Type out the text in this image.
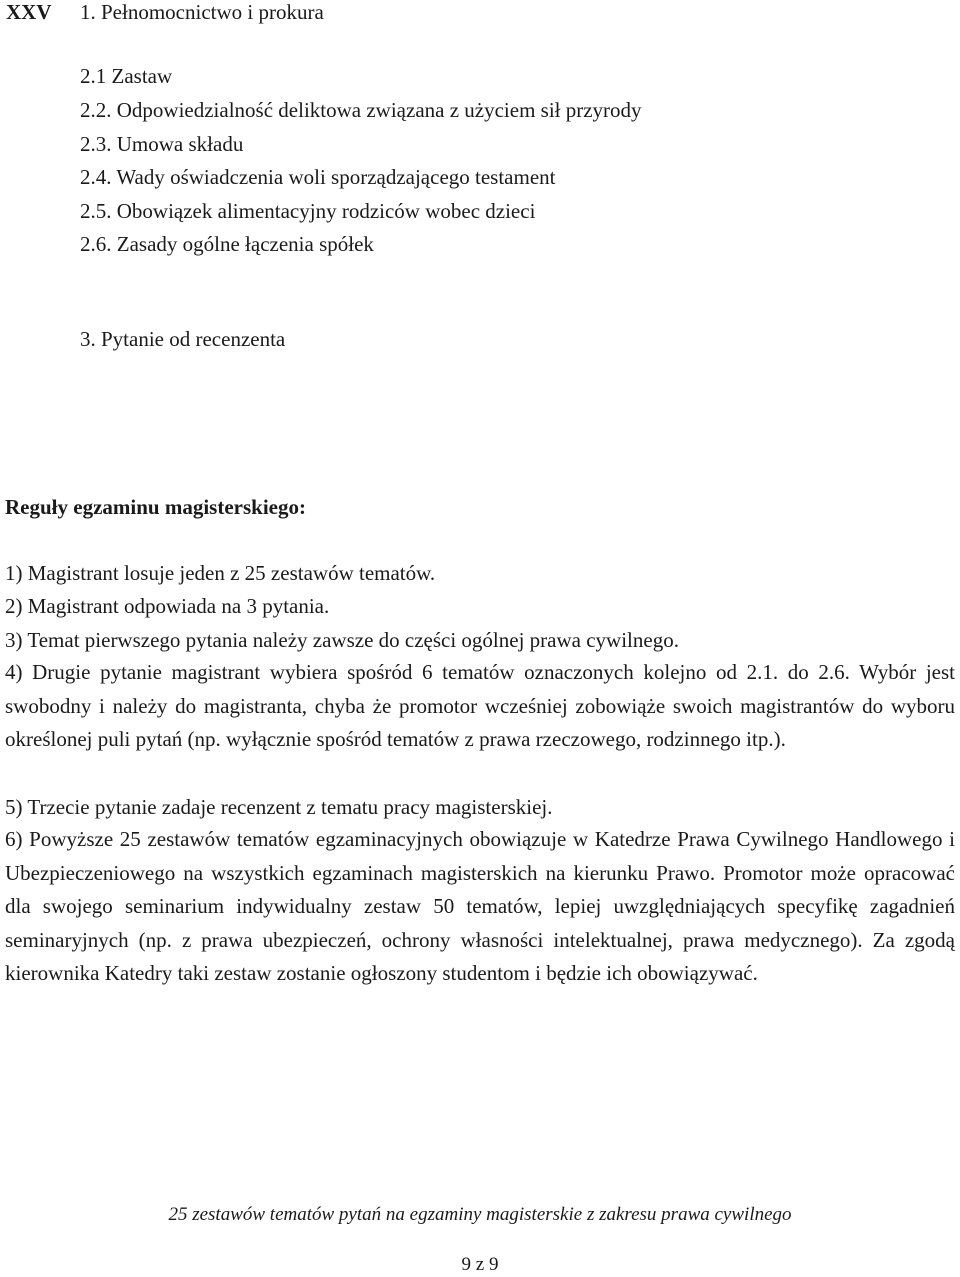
XXV 1. Pełnomocnictwo i prokura
2.1 Zastaw
2.2. Odpowiedzialność deliktowa związana z użyciem sił przyrody
2.3. Umowa składu
2.4. Wady oświadczenia woli sporządzającego testament
2.5. Obowiązek alimentacyjny rodziców wobec dzieci
2.6. Zasady ogólne łączenia spółek
3. Pytanie od recenzenta
Reguły egzaminu magisterskiego:
1) Magistrant losuje jeden z 25 zestawów tematów.
2) Magistrant odpowiada na 3 pytania.
3) Temat pierwszego pytania należy zawsze do części ogólnej prawa cywilnego.
4) Drugie pytanie magistrant wybiera spośród 6 tematów oznaczonych kolejno od 2.1. do 2.6. Wybór jest swobodny i należy do magistranta, chyba że promotor wcześniej zobowiąże swoich magistrantów do wyboru określonej puli pytań (np. wyłącznie spośród tematów z prawa rzeczowego, rodzinnego itp.).
5) Trzecie pytanie zadaje recenzent z tematu pracy magisterskiej.
6) Powyższe 25 zestawów tematów egzaminacyjnych obowiązuje w Katedrze Prawa Cywilnego Handlowego i Ubezpieczeniowego na wszystkich egzaminach magisterskich na kierunku Prawo. Promotor może opracować dla swojego seminarium indywidualny zestaw 50 tematów, lepiej uwzględniających specyfikę zagadnień seminaryjnych (np. z prawa ubezpieczeń, ochrony własności intelektualnej, prawa medycznego). Za zgodą kierownika Katedry taki zestaw zostanie ogłoszony studentom i będzie ich obowiązywać.
25 zestawów tematów pytań na egzaminy magisterskie z zakresu prawa cywilnego
9 z 9
